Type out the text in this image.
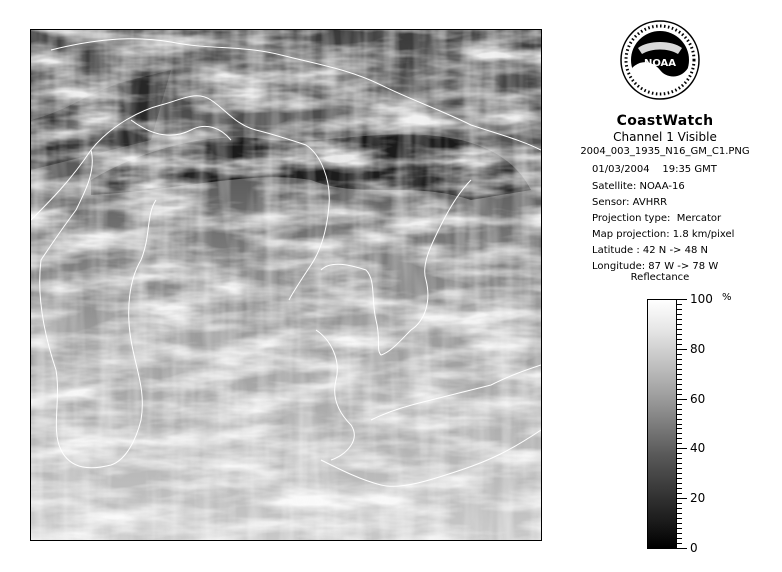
NOAA
CoastWatch
Channel 1 Visible
2004_003_1935_N16_GM_C1.PNG
01/03/2004    19:35 GMT
Satellite: NOAA-16
Sensor: AVHRR
Projection type:  Mercator
Map projection: 1.8 km/pixel
Latitude : 42 N -> 48 N
Longitude: 87 W -> 78 W
Reflectance
%
100
80
60
40
20
0
